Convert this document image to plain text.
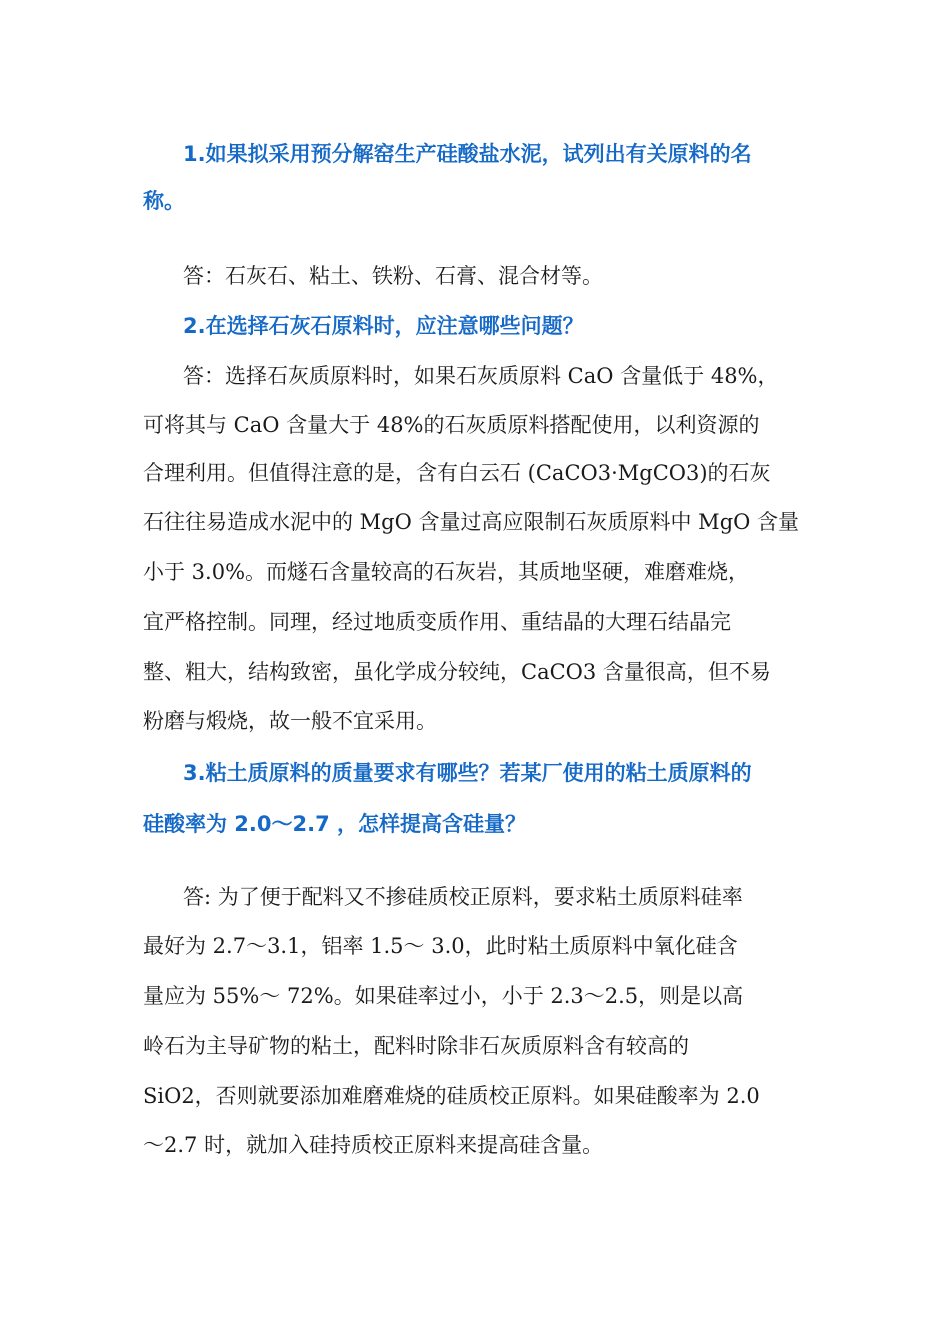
1.如果拟采用预分解窑生产硅酸盐水泥，试列出有关原料的名
称。
答：石灰石、粘土、铁粉、石膏、混合材等。
2.在选择石灰石原料时，应注意哪些问题？
答：选择石灰质原料时，如果石灰质原料 CaO 含量低于 48%，
可将其与 CaO 含量大于 48%的石灰质原料搭配使用，以利资源的
合理利用。但值得注意的是，含有白云石 (CaCO3·MgCO3)的石灰
石往往易造成水泥中的 MgO 含量过高应限制石灰质原料中 MgO 含量
小于 3.0%。而燧石含量较高的石灰岩，其质地坚硬，难磨难烧，
宜严格控制。同理，经过地质变质作用、重结晶的大理石结晶完
整、粗大，结构致密，虽化学成分较纯，CaCO3 含量很高，但不易
粉磨与煅烧，故一般不宜采用。
3.粘土质原料的质量要求有哪些？若某厂使用的粘土质原料的
硅酸率为 2.0～2.7 ，怎样提高含硅量？
答: 为了便于配料又不掺硅质校正原料，要求粘土质原料硅率
最好为 2.7～3.1，铝率 1.5～ 3.0，此时粘土质原料中氧化硅含
量应为 55%～ 72%。如果硅率过小，小于 2.3～2.5，则是以高
岭石为主导矿物的粘土，配料时除非石灰质原料含有较高的
SiO2，否则就要添加难磨难烧的硅质校正原料。如果硅酸率为 2.0
～2.7 时，就加入硅持质校正原料来提高硅含量。
